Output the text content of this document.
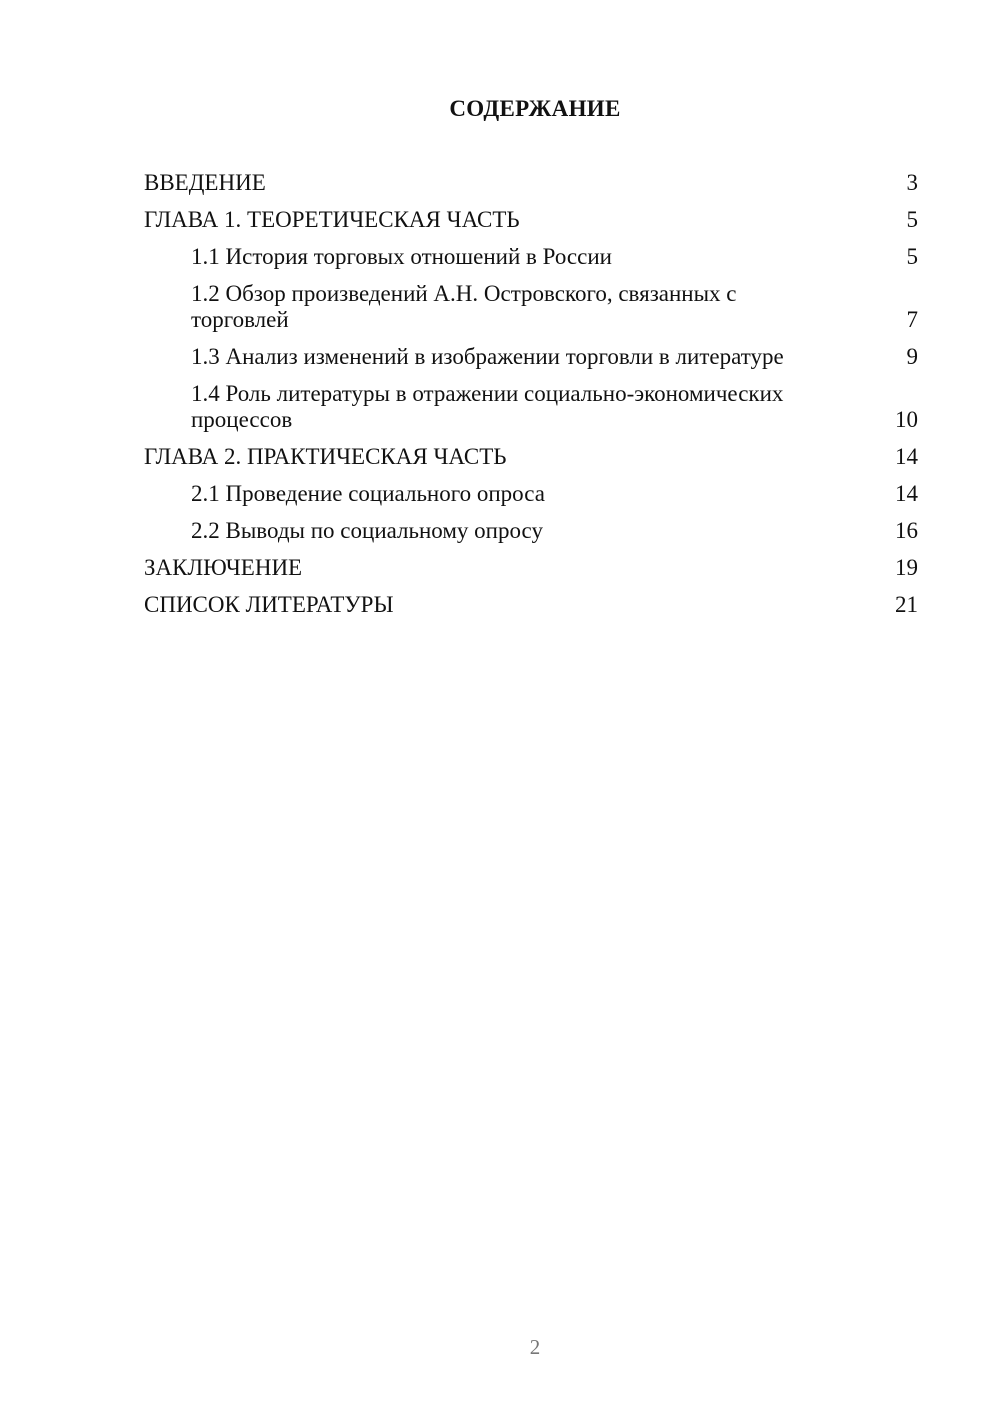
СОДЕРЖАНИЕ
ВВЕДЕНИЕ	3
ГЛАВА 1. ТЕОРЕТИЧЕСКАЯ ЧАСТЬ	5
1.1 История торговых отношений в России	5
1.2 Обзор произведений А.Н. Островского, связанных с торговлей	7
1.3 Анализ изменений в изображении торговли в литературе	9
1.4 Роль литературы в отражении социально-экономических процессов	10
ГЛАВА 2. ПРАКТИЧЕСКАЯ ЧАСТЬ	14
2.1 Проведение социального опроса	14
2.2 Выводы по социальному опросу	16
ЗАКЛЮЧЕНИЕ	19
СПИСОК ЛИТЕРАТУРЫ	21
2
